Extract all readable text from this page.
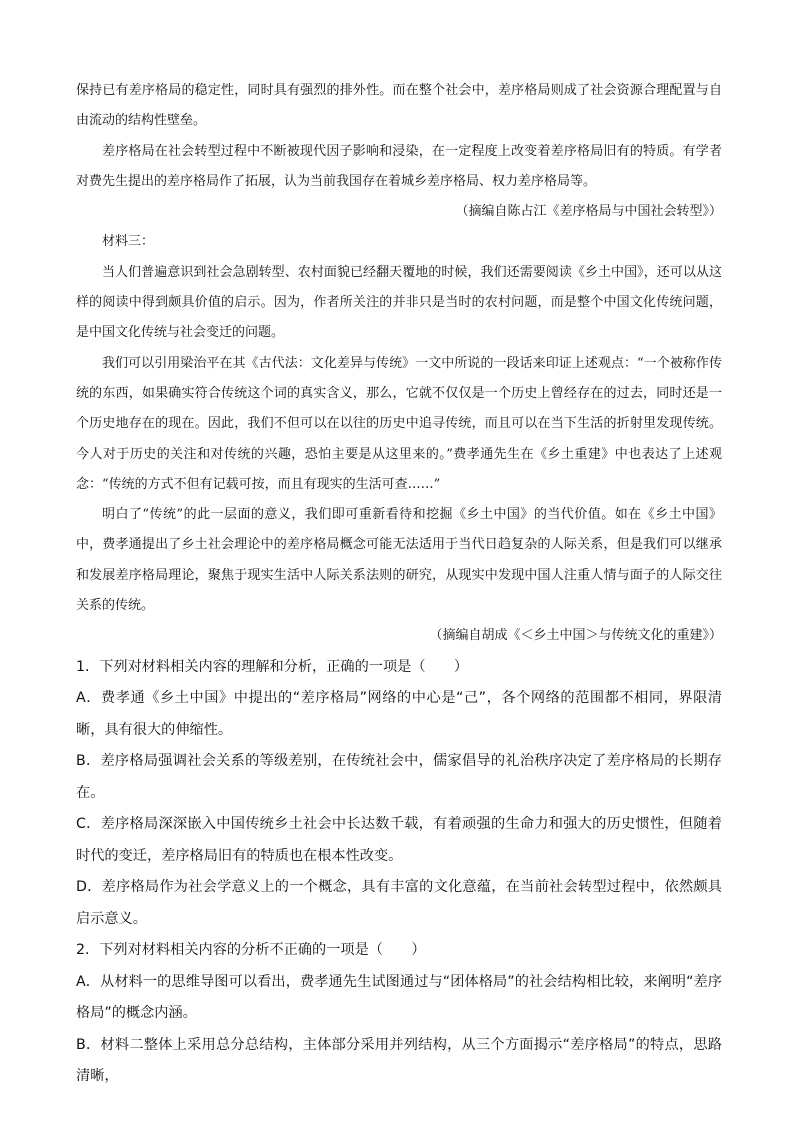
保持已有差序格局的稳定性，同时具有强烈的排外性。而在整个社会中，差序格局则成了社会资源合理配置与自由流动的结构性壁垒。

差序格局在社会转型过程中不断被现代因子影响和浸染，在一定程度上改变着差序格局旧有的特质。有学者对费先生提出的差序格局作了拓展，认为当前我国存在着城乡差序格局、权力差序格局等。

（摘编自陈占江《差序格局与中国社会转型》）

材料三：

当人们普遍意识到社会急剧转型、农村面貌已经翻天覆地的时候，我们还需要阅读《乡土中国》，还可以从这样的阅读中得到颇具价值的启示。因为，作者所关注的并非只是当时的农村问题，而是整个中国文化传统问题，是中国文化传统与社会变迁的问题。

我们可以引用梁治平在其《古代法：文化差异与传统》一文中所说的一段话来印证上述观点：“一个被称作传统的东西，如果确实符合传统这个词的真实含义，那么，它就不仅仅是一个历史上曾经存在的过去，同时还是一个历史地存在的现在。因此，我们不但可以在以往的历史中追寻传统，而且可以在当下生活的折射里发现传统。今人对于历史的关注和对传统的兴趣，恐怕主要是从这里来的。”费孝通先生在《乡土重建》中也表达了上述观念：“传统的方式不但有记载可按，而且有现实的生活可查……”

明白了“传统”的此一层面的意义，我们即可重新看待和挖掘《乡土中国》的当代价值。如在《乡土中国》中，费孝通提出了乡土社会理论中的差序格局概念可能无法适用于当代日趋复杂的人际关系，但是我们可以继承和发展差序格局理论，聚焦于现实生活中人际关系法则的研究，从现实中发现中国人注重人情与面子的人际交往关系的传统。

（摘编自胡成《＜乡土中国＞与传统文化的重建》）

1．下列对材料相关内容的理解和分析，正确的一项是（　　）

A．费孝通《乡土中国》中提出的“差序格局”网络的中心是“己”，各个网络的范围都不相同，界限清晰，具有很大的伸缩性。

B．差序格局强调社会关系的等级差别，在传统社会中，儒家倡导的礼治秩序决定了差序格局的长期存在。

C．差序格局深深嵌入中国传统乡土社会中长达数千载，有着顽强的生命力和强大的历史惯性，但随着时代的变迁，差序格局旧有的特质也在根本性改变。

D．差序格局作为社会学意义上的一个概念，具有丰富的文化意蕴，在当前社会转型过程中，依然颇具启示意义。

2．下列对材料相关内容的分析不正确的一项是（　　）

A．从材料一的思维导图可以看出，费孝通先生试图通过与“团体格局”的社会结构相比较，来阐明“差序格局”的概念内涵。

B．材料二整体上采用总分总结构，主体部分采用并列结构，从三个方面揭示“差序格局”的特点，思路清晰，
